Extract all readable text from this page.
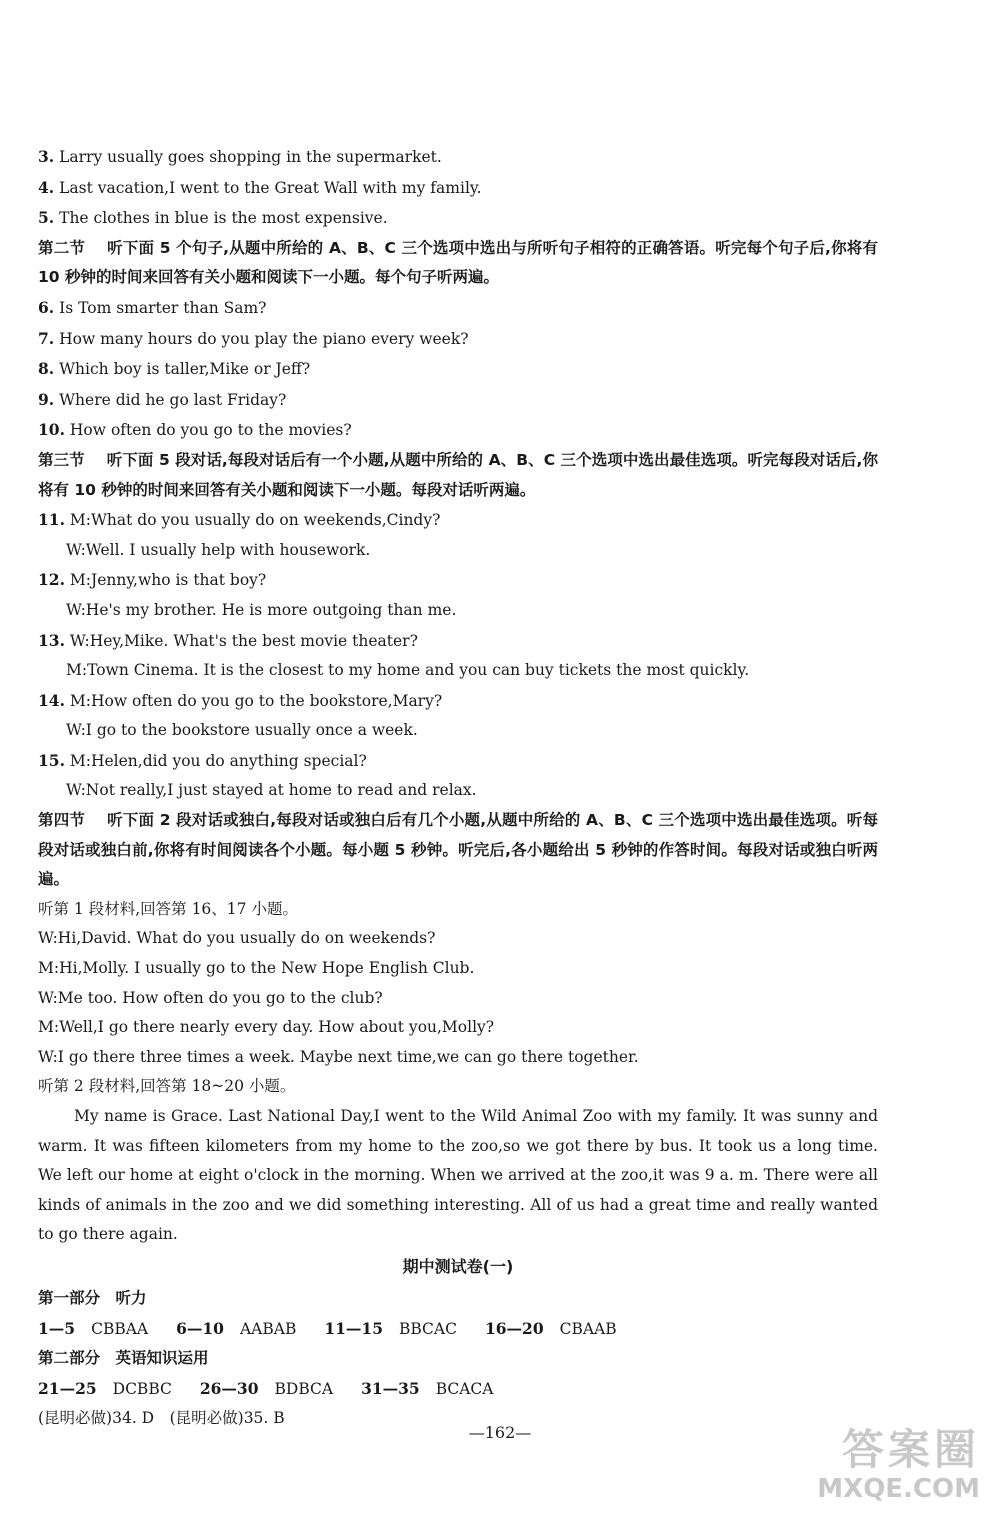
3. Larry usually goes shopping in the supermarket.
4. Last vacation,I went to the Great Wall with my family.
5. The clothes in blue is the most expensive.
第二节 听下面 5 个句子,从题中所给的 A、B、C 三个选项中选出与所听句子相符的正确答语。听完每个句子后,你将有 10 秒钟的时间来回答有关小题和阅读下一小题。每个句子听两遍。
6. Is Tom smarter than Sam?
7. How many hours do you play the piano every week?
8. Which boy is taller,Mike or Jeff?
9. Where did he go last Friday?
10. How often do you go to the movies?
第三节 听下面 5 段对话,每段对话后有一个小题,从题中所给的 A、B、C 三个选项中选出最佳选项。听完每段对话后,你将有 10 秒钟的时间来回答有关小题和阅读下一小题。每段对话听两遍。
11. M:What do you usually do on weekends,Cindy?
W:Well. I usually help with housework.
12. M:Jenny,who is that boy?
W:He's my brother. He is more outgoing than me.
13. W:Hey,Mike. What's the best movie theater?
M:Town Cinema. It is the closest to my home and you can buy tickets the most quickly.
14. M:How often do you go to the bookstore,Mary?
W:I go to the bookstore usually once a week.
15. M:Helen,did you do anything special?
W:Not really,I just stayed at home to read and relax.
第四节 听下面 2 段对话或独白,每段对话或独白后有几个小题,从题中所给的 A、B、C 三个选项中选出最佳选项。听每段对话或独白前,你将有时间阅读各个小题。每小题 5 秒钟。听完后,各小题给出 5 秒钟的作答时间。每段对话或独白听两遍。
听第 1 段材料,回答第 16、17 小题。
W:Hi,David. What do you usually do on weekends?
M:Hi,Molly. I usually go to the New Hope English Club.
W:Me too. How often do you go to the club?
M:Well,I go there nearly every day. How about you,Molly?
W:I go there three times a week. Maybe next time,we can go there together.
听第 2 段材料,回答第 18~20 小题。
My name is Grace. Last National Day,I went to the Wild Animal Zoo with my family. It was sunny and warm. It was fifteen kilometers from my home to the zoo,so we got there by bus. It took us a long time. We left our home at eight o'clock in the morning. When we arrived at the zoo,it was 9 a. m. There were all kinds of animals in the zoo and we did something interesting. All of us had a great time and really wanted to go there again.
期中测试卷(一)
第一部分　听力
1—5 CBBAA 6—10 AABAB 11—15 BBCAC 16—20 CBAAB
第二部分　英语知识运用
21—25 DCBBC 26—30 BDBCA 31—35 BCACA
(昆明必做)34. D　(昆明必做)35. B
—162—	答案圈
MXQE.COM
